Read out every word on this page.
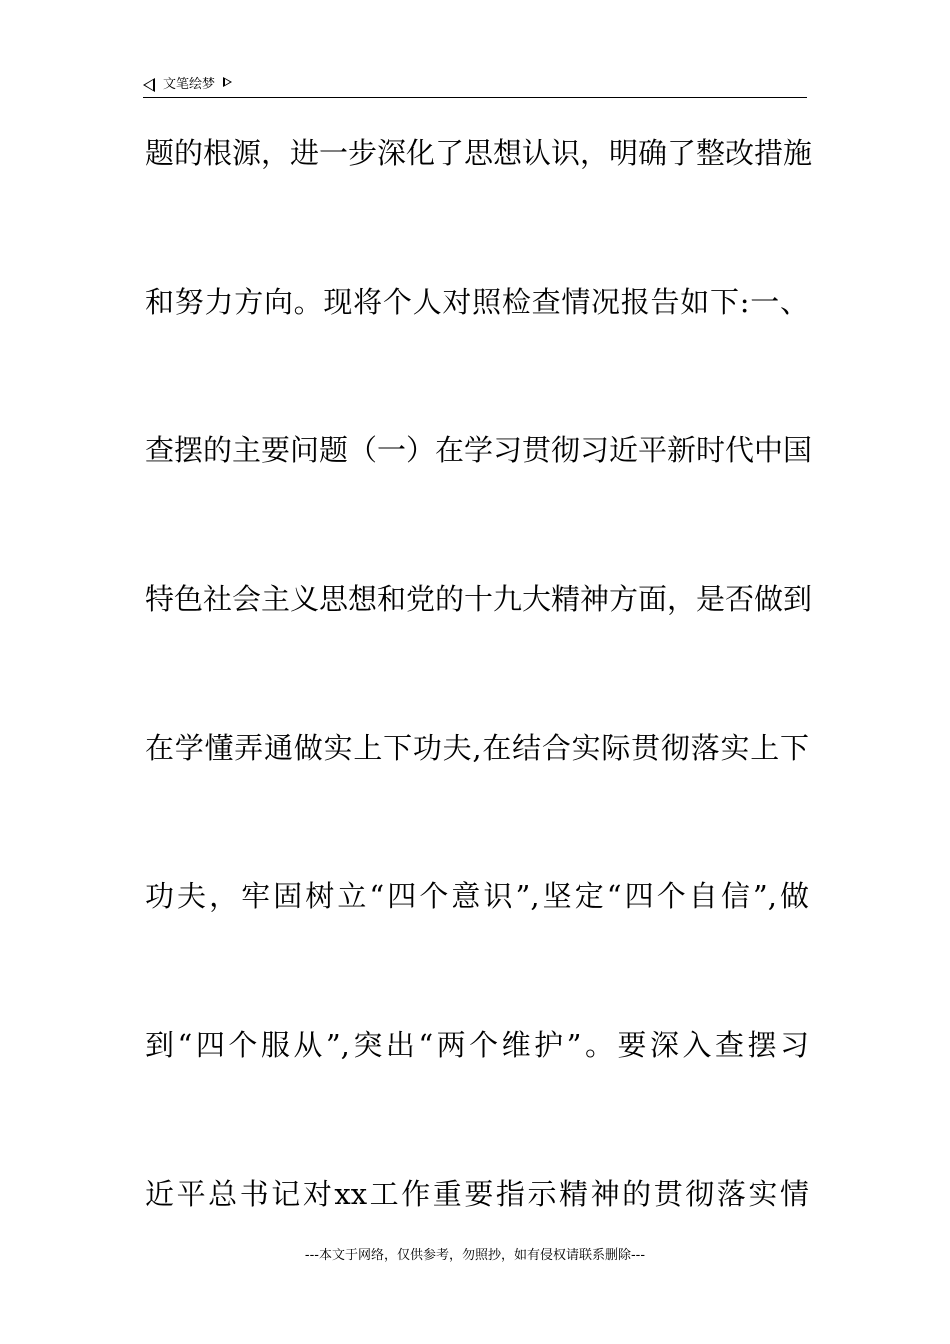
文笔绘梦
题的根源，进一步深化了思想认识，明确了整改措施
和努力方向。现将个人对照检查情况报告如下:一、
查摆的主要问题（一）在学习贯彻习近平新时代中国
特色社会主义思想和党的十九大精神方面，是否做到
在学懂弄通做实上下功夫,在结合实际贯彻落实上下
功夫，牢固树立“四个意识”,坚定“四个自信”,做
到“四个服从”,突出“两个维护”。要深入查摆习
近平总书记对xx工作重要指示精神的贯彻落实情
---本文于网络，仅供参考，勿照抄，如有侵权请联系删除---
